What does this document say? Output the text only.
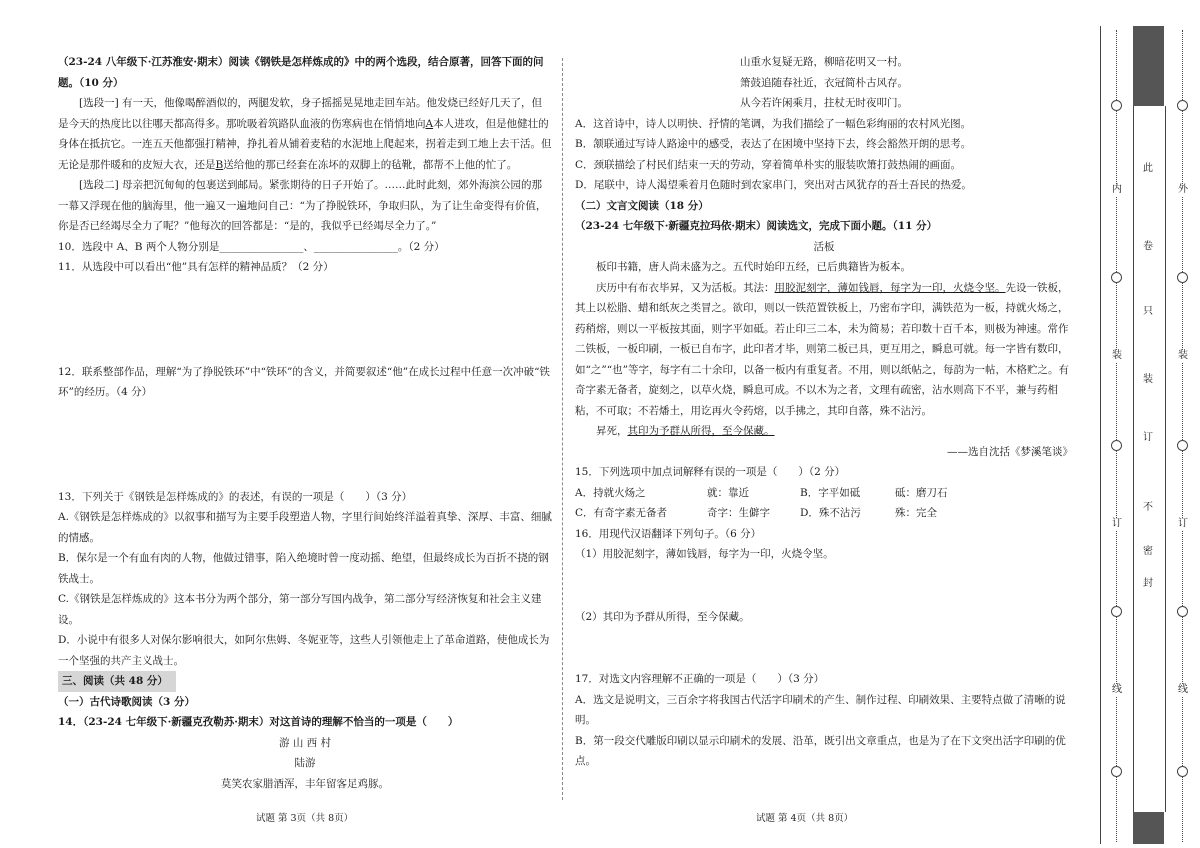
（23-24 八年级下·江苏淮安·期末）阅读《钢铁是怎样炼成的》中的两个选段，结合原著，回答下面的问题。（10 分）

[选段一] 有一天，他像喝醉酒似的，两腿发软，身子摇摇晃晃地走回车站。他发烧已经好几天了，但是今天的热度比以往哪天都高得多。那吮吸着筑路队血液的伤寒病也在悄悄地向A本人进攻，但是他健壮的身体在抵抗它。一连五天他都强打精神，挣扎着从铺着麦秸的水泥地上爬起来，拐着走到工地上去干活。但无论是那件暖和的皮短大衣，还是B送给他的那已经套在冻坏的双脚上的毡靴，都帮不上他的忙了。

[选段二] 母亲把沉甸甸的包裹送到邮局。紧张期待的日子开始了。……此时此刻，郊外海滨公园的那一幕又浮现在他的脑海里，他一遍又一遍地问自己：“为了挣脱铁环，争取归队，为了让生命变得有价值，你是否已经竭尽全力了呢？”他每次的回答都是：“是的，我似乎已经竭尽全力了。”

10．选段中 A、B 两个人物分别是________________、________________。（2 分）

11．从选段中可以看出“他”具有怎样的精神品质？（2 分）

12．联系整部作品，理解“为了挣脱铁环”中“铁环”的含义，并简要叙述“他”在成长过程中任意一次冲破“铁环”的经历。（4 分）

13．下列关于《钢铁是怎样炼成的》的表述，有误的一项是（　　）（3 分）

A.《钢铁是怎样炼成的》以叙事和描写为主要手段塑造人物，字里行间始终洋溢着真挚、深厚、丰富、细腻的情感。

B．保尔是一个有血有肉的人物，他做过错事，陷入绝境时曾一度动摇、绝望，但最终成长为百折不挠的钢铁战士。

C.《钢铁是怎样炼成的》这本书分为两个部分，第一部分写国内战争，第二部分写经济恢复和社会主义建设。

D．小说中有很多人对保尔影响很大，如阿尔焦姆、冬妮亚等，这些人引领他走上了革命道路，使他成长为一个坚强的共产主义战士。

三、阅读（共 48 分）

（一）古代诗歌阅读（3 分）

14．（23-24 七年级下·新疆克孜勒苏·期末）对这首诗的理解不恰当的一项是（　　）

游 山 西 村

陆游

莫笑农家腊酒浑，丰年留客足鸡豚。

山重水复疑无路，柳暗花明又一村。

箫鼓追随春社近，衣冠简朴古风存。

从今若许闲乘月，拄杖无时夜叩门。

A．这首诗中，诗人以明快、抒情的笔调，为我们描绘了一幅色彩绚丽的农村风光图。

B．颔联通过写诗人路途中的感受，表达了在困境中坚持下去，终会豁然开朗的思考。

C．颈联描绘了村民们结束一天的劳动，穿着简单朴实的服装吹箫打鼓热闹的画面。

D．尾联中，诗人渴望乘着月色随时到农家串门，突出对古风犹存的吾土吾民的热爱。

（二）文言文阅读（18 分）

（23-24 七年级下·新疆克拉玛依·期末）阅读选文，完成下面小题。（11 分）

活板

板印书籍，唐人尚未盛为之。五代时始印五经，已后典籍皆为板本。

庆历中有布衣毕昇，又为活板。其法：用胶泥刻字，薄如钱唇，每字为一印，火烧令坚。先设一铁板，其上以松脂、蜡和纸灰之类冒之。欲印，则以一铁范置铁板上，乃密布字印，满铁范为一板，持就火炀之，药稍熔，则以一平板按其面，则字平如砥。若止印三二本，未为简易；若印数十百千本，则极为神速。常作二铁板，一板印刷，一板已自布字，此印者才毕，则第二板已具，更互用之，瞬息可就。每一字皆有数印，如“之”“也”等字，每字有二十余印，以备一板内有重复者。不用，则以纸帖之，每韵为一帖，木格贮之。有奇字素无备者，旋刻之，以草火烧，瞬息可成。不以木为之者，文理有疏密，沾水则高下不平，兼与药相粘，不可取；不若燔土，用讫再火令药熔，以手拂之，其印自落，殊不沾污。

昇死，其印为予群从所得，至今保藏。

——选自沈括《梦溪笔谈》

15．下列选项中加点词解释有误的一项是（　　）（2 分）

A．持就火炀之	就：靠近	B．字平如砥	砥：磨刀石
C．有奇字素无备者	奇字：生僻字	D．殊不沾污	殊：完全

16．用现代汉语翻译下列句子。（6 分）

（1）用胶泥刻字，薄如钱唇，每字为一印，火烧令坚。

（2）其印为予群从所得，至今保藏。

17．对选文内容理解不正确的一项是（　　）（3 分）

A．选文是说明文，三百余字将我国古代活字印刷术的产生、制作过程、印刷效果、主要特点做了清晰的说明。

B．第一段交代雕版印刷以显示印刷术的发展、沿革，既引出文章重点，也是为了在下文突出活字印刷的优点。

试题 第 3页（共 8页）	试题 第 4页（共 8页）
内
装
订
线
外
装
订
线
此
卷
只
装
订
不
密
封
